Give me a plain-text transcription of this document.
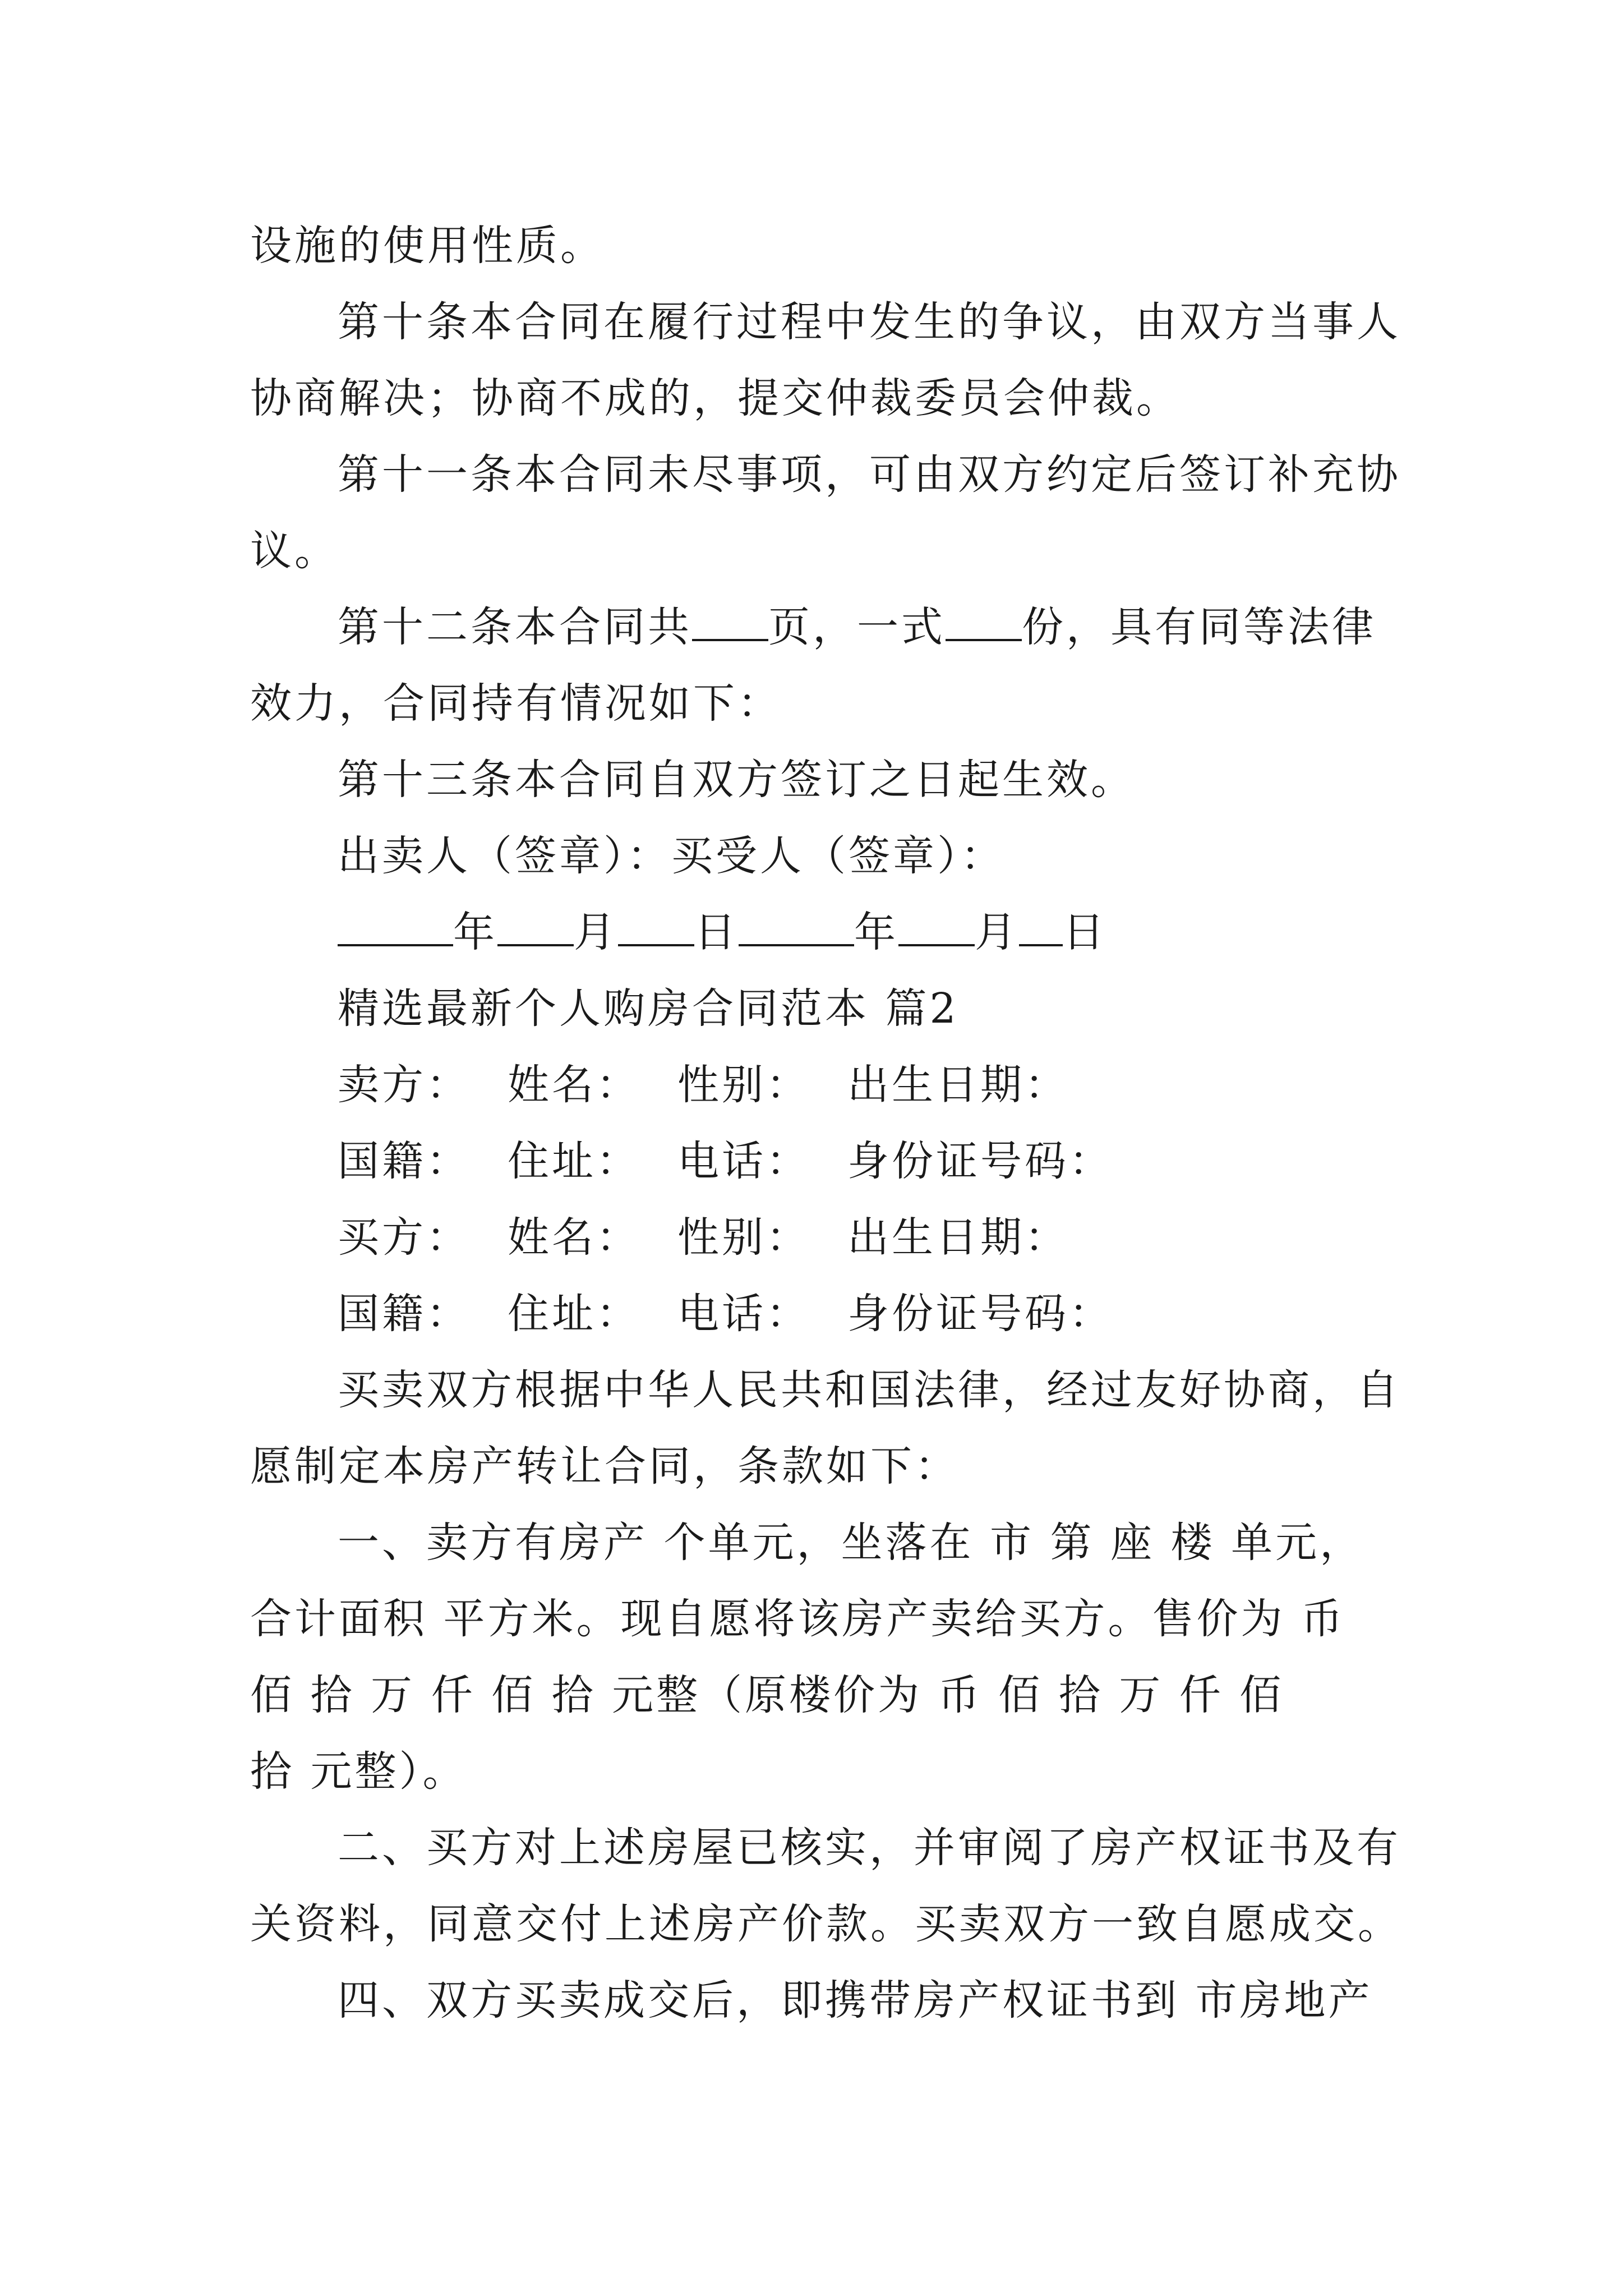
设施的使用性质。
第十条本合同在履行过程中发生的争议，由双方当事人
协商解决；协商不成的，提交仲裁委员会仲裁。
第十一条本合同未尽事项，可由双方约定后签订补充协
议。
第十二条本合同共 页，一式 份，具有同等法律
效力，合同持有情况如下：
第十三条本合同自双方签订之日起生效。
出卖人（签章）：买受人（签章）：
年 月 日	年 月 日
精选最新个人购房合同范本 篇2
卖方： 姓名： 性别： 出生日期：
国籍： 住址： 电话： 身份证号码：
买方： 姓名： 性别： 出生日期：
国籍： 住址： 电话： 身份证号码：
买卖双方根据中华人民共和国法律，经过友好协商，自
愿制定本房产转让合同，条款如下：
一、卖方有房产 个单元，坐落在 市 第 座 楼 单元，
合计面积 平方米。现自愿将该房产卖给买方。售价为 币
佰 拾 万 仟 佰 拾 元整（原楼价为 币 佰 拾 万 仟 佰
拾 元整）。
二、买方对上述房屋已核实，并审阅了房产权证书及有
关资料，同意交付上述房产价款。买卖双方一致自愿成交。
四、双方买卖成交后，即携带房产权证书到 市房地产
